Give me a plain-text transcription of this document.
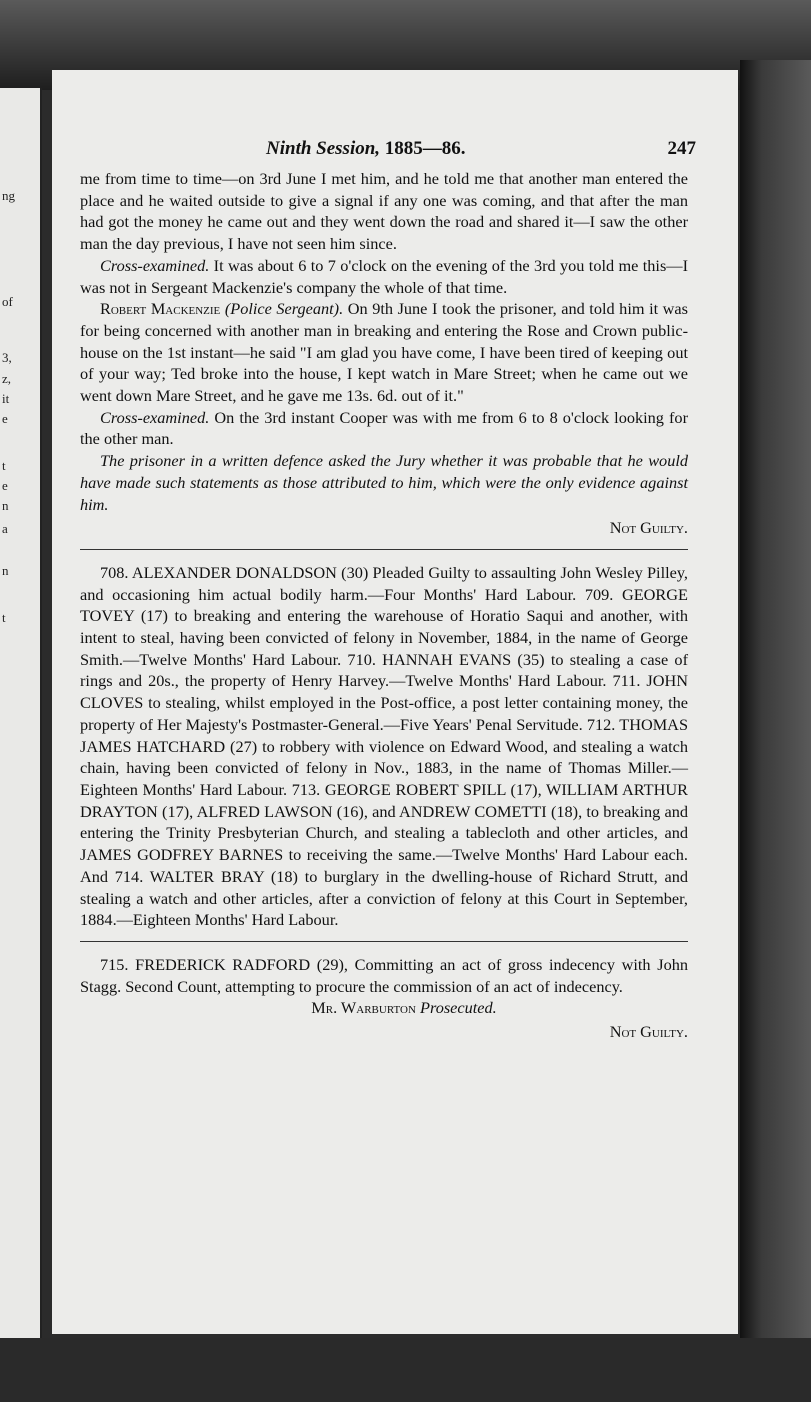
ng
of
3,
z,
it
e
t
e
n
a
n
t
Ninth Session, 1885—86.	247

me from time to time—on 3rd June I met him, and he told me that another man entered the place and he waited outside to give a signal if any one was coming, and that after the man had got the money he came out and they went down the road and shared it—I saw the other man the day previous, I have not seen him since.

Cross-examined. It was about 6 to 7 o'clock on the evening of the 3rd you told me this—I was not in Sergeant Mackenzie's company the whole of that time.

Robert Mackenzie (Police Sergeant). On 9th June I took the prisoner, and told him it was for being concerned with another man in breaking and entering the Rose and Crown public-house on the 1st instant—he said "I am glad you have come, I have been tired of keeping out of your way; Ted broke into the house, I kept watch in Mare Street; when he came out we went down Mare Street, and he gave me 13s. 6d. out of it."

Cross-examined. On the 3rd instant Cooper was with me from 6 to 8 o'clock looking for the other man.

The prisoner in a written defence asked the Jury whether it was probable that he would have made such statements as those attributed to him, which were the only evidence against him.

Not Guilty.

708. ALEXANDER DONALDSON (30) Pleaded Guilty to assaulting John Wesley Pilley, and occasioning him actual bodily harm.—Four Months' Hard Labour. 709. GEORGE TOVEY (17) to breaking and entering the warehouse of Horatio Saqui and another, with intent to steal, having been convicted of felony in November, 1884, in the name of George Smith.—Twelve Months' Hard Labour. 710. HANNAH EVANS (35) to stealing a case of rings and 20s., the property of Henry Harvey.—Twelve Months' Hard Labour. 711. JOHN CLOVES to stealing, whilst employed in the Post-office, a post letter containing money, the property of Her Majesty's Postmaster-General.—Five Years' Penal Servitude. 712. THOMAS JAMES HATCHARD (27) to robbery with violence on Edward Wood, and stealing a watch chain, having been convicted of felony in Nov., 1883, in the name of Thomas Miller.—Eighteen Months' Hard Labour. 713. GEORGE ROBERT SPILL (17), WILLIAM ARTHUR DRAYTON (17), ALFRED LAWSON (16), and ANDREW COMETTI (18), to breaking and entering the Trinity Presbyterian Church, and stealing a tablecloth and other articles, and JAMES GODFREY BARNES to receiving the same.—Twelve Months' Hard Labour each. And 714. WALTER BRAY (18) to burglary in the dwelling-house of Richard Strutt, and stealing a watch and other articles, after a conviction of felony at this Court in September, 1884.—Eighteen Months' Hard Labour.

715. FREDERICK RADFORD (29), Committing an act of gross indecency with John Stagg. Second Count, attempting to procure the commission of an act of indecency.

Mr. Warburton Prosecuted.

Not Guilty.
